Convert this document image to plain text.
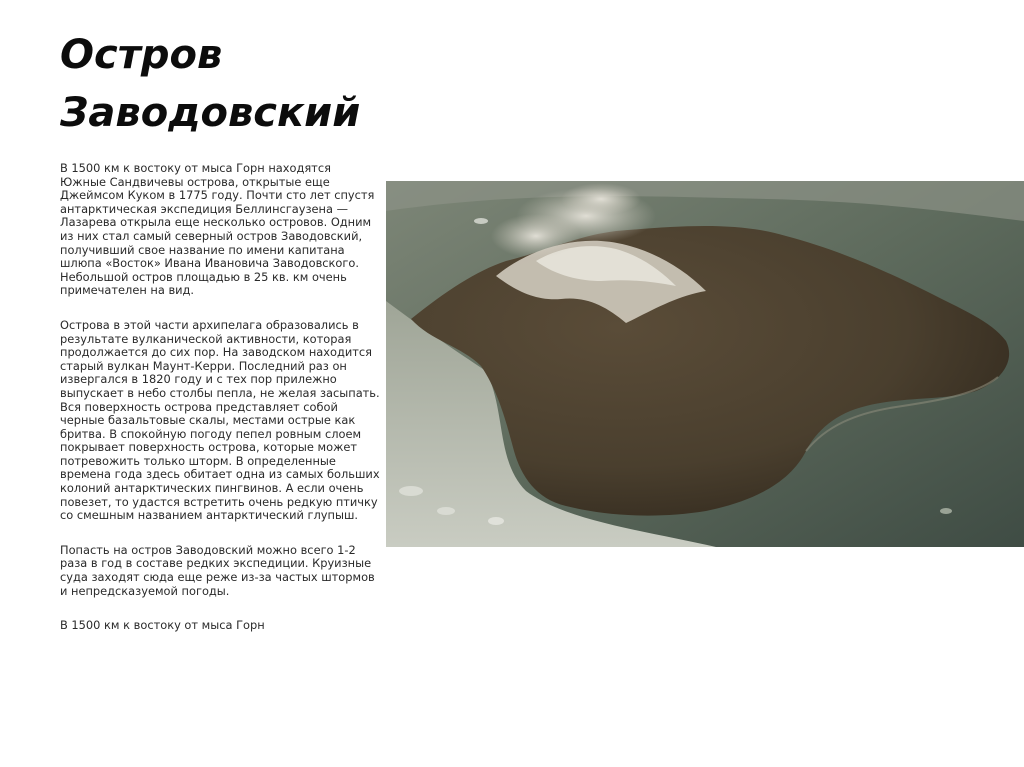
Остров
Заводовский

В 1500 км к востоку от мыса Горн находятся Южные Сандвичевы острова, открытые еще Джеймсом Куком в 1775 году. Почти сто лет спустя антарктическая экспедиция Беллинсгаузена — Лазарева открыла еще несколько островов. Одним из них стал самый северный остров Заводовский, получивший свое название по имени капитана шлюпа «Восток» Ивана Ивановича Заводовского. Небольшой остров площадью в 25 кв. км очень примечателен на вид.

Острова в этой части архипелага образовались в результате вулканической активности, которая продолжается до сих пор. На заводском находится старый вулкан Маунт-Керри. Последний раз он извергался в 1820 году и с тех пор прилежно выпускает в небо столбы пепла, не желая засыпать. Вся поверхность острова представляет собой черные базальтовые скалы, местами острые как бритва. В спокойную погоду пепел ровным слоем покрывает поверхность острова, которые может потревожить только шторм. В определенные времена года здесь обитает одна из самых больших колоний антарктических пингвинов. А если очень повезет, то удастся встретить очень редкую птичку со смешным названием антарктический глупыш.

Попасть на остров Заводовский можно всего 1-2 раза в год в составе редких экспедиции. Круизные суда заходят сюда еще реже из-за частых штормов и непредсказуемой погоды.

В 1500 км к востоку от мыса Горн
